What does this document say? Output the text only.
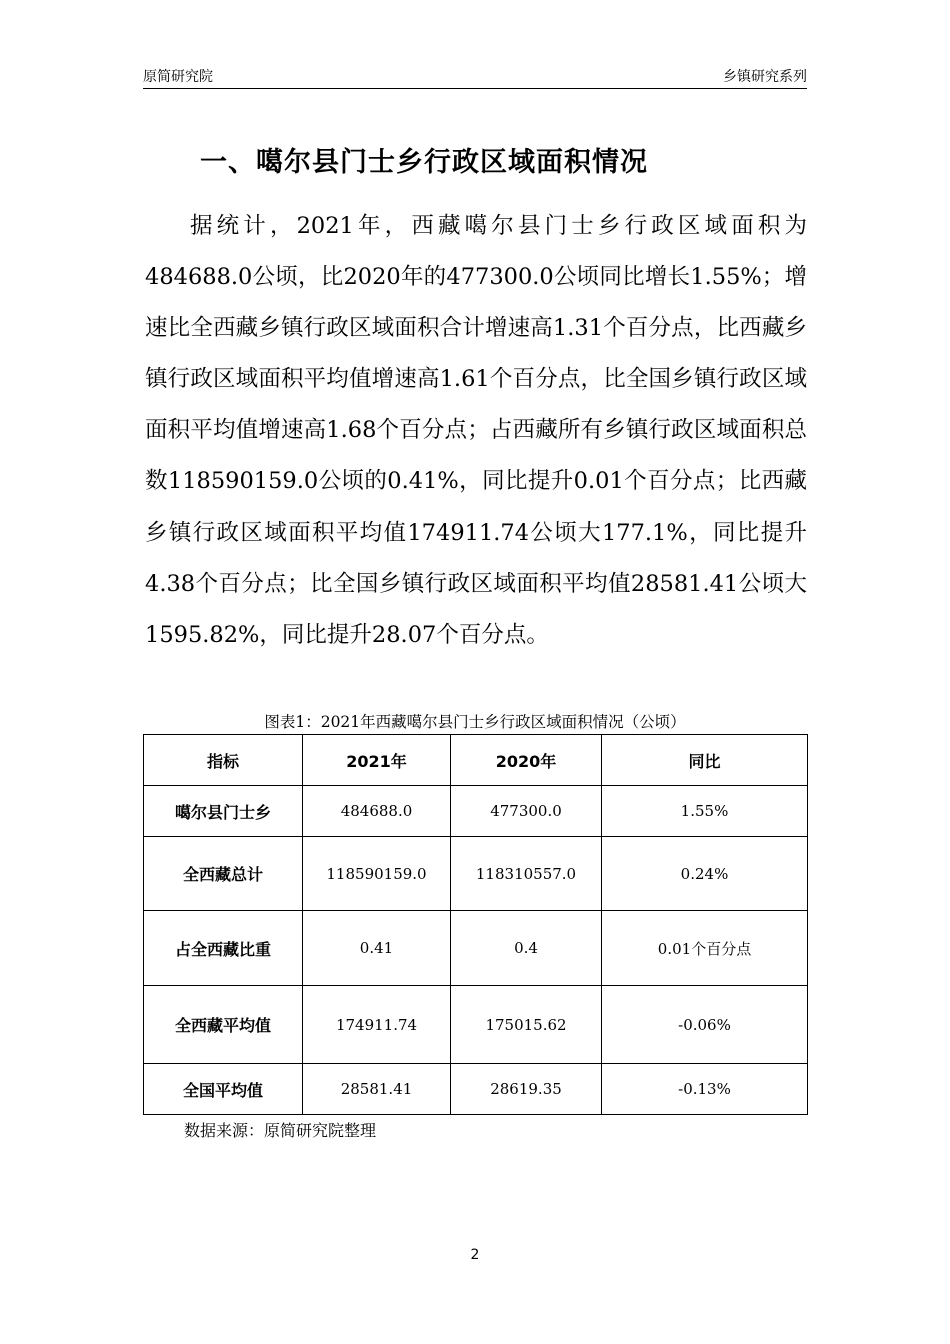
原简研究院	乡镇研究系列
一、噶尔县门士乡行政区域面积情况

据统计，2021年，西藏噶尔县门士乡行政区域面积为484688.0公顷，比2020年的477300.0公顷同比增长1.55%；增速比全西藏乡镇行政区域面积合计增速高1.31个百分点，比西藏乡镇行政区域面积平均值增速高1.61个百分点，比全国乡镇行政区域面积平均值增速高1.68个百分点；占西藏所有乡镇行政区域面积总数118590159.0公顷的0.41%，同比提升0.01个百分点；比西藏乡镇行政区域面积平均值174911.74公顷大177.1%，同比提升4.38个百分点；比全国乡镇行政区域面积平均值28581.41公顷大1595.82%，同比提升28.07个百分点。

图表1：2021年西藏噶尔县门士乡行政区域面积情况（公顷）
指标	2021年	2020年	同比
噶尔县门士乡	484688.0	477300.0	1.55%
全西藏总计	118590159.0	118310557.0	0.24%
占全西藏比重	0.41	0.4	0.01个百分点
全西藏平均值	174911.74	175015.62	-0.06%
全国平均值	28581.41	28619.35	-0.13%
数据来源：原简研究院整理
2
